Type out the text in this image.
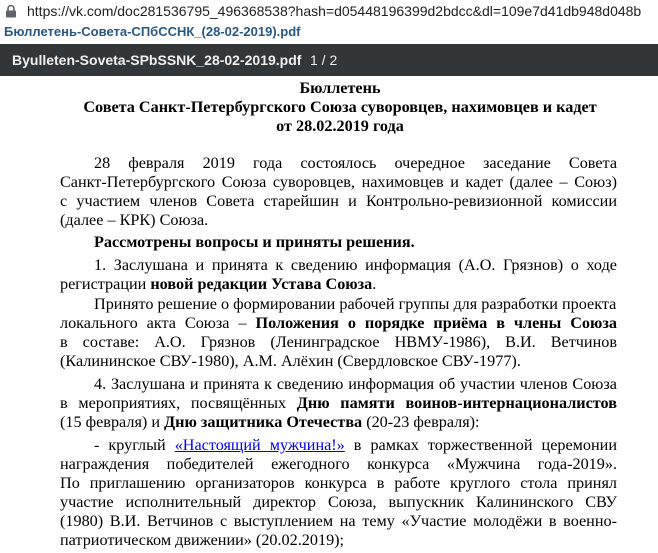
https://vk.com/doc281536795_496368538?hash=d05448196399d2bdcc&dl=109e7d41db948d048b
Бюллетень-Совета-СПбССНК_(28-02-2019).pdf
Byulleten-Soveta-SPbSSNK_28-02-2019.pdf 1 / 2
Бюллетень
Совета Санкт-Петербургского Союза суворовцев, нахимовцев и кадет
от 28.02.2019 года
28 февраля 2019 года состоялось очередное заседание Совета
Санкт-Петербургского Союза суворовцев, нахимовцев и кадет (далее – Союз)
с участием членов Совета старейшин и Контрольно-ревизионной комиссии
(далее – КРК) Союза.
Рассмотрены вопросы и приняты решения.
1. Заслушана и принята к сведению информация (А.О. Грязнов) о ходе
регистрации новой редакции Устава Союза.
Принято решение о формировании рабочей группы для разработки проекта
локального акта Союза – Положения о порядке приёма в члены Союза
в составе: А.О. Грязнов (Ленинградское НВМУ-1986), В.И. Ветчинов
(Калининское СВУ-1980), А.М. Алёхин (Свердловское СВУ-1977).
4. Заслушана и принята к сведению информация об участии членов Союза
в мероприятиях, посвящённых Дню памяти воинов-интернационалистов
(15 февраля) и Дню защитника Отечества (20-23 февраля):
- круглый «Настоящий мужчина!» в рамках торжественной церемонии
награждения победителей ежегодного конкурса «Мужчина года-2019».
По приглашению организаторов конкурса в работе круглого стола принял
участие исполнительный директор Союза, выпускник Калининского СВУ
(1980) В.И. Ветчинов с выступлением на тему «Участие молодёжи в военно-
патриотическом движении» (20.02.2019);
